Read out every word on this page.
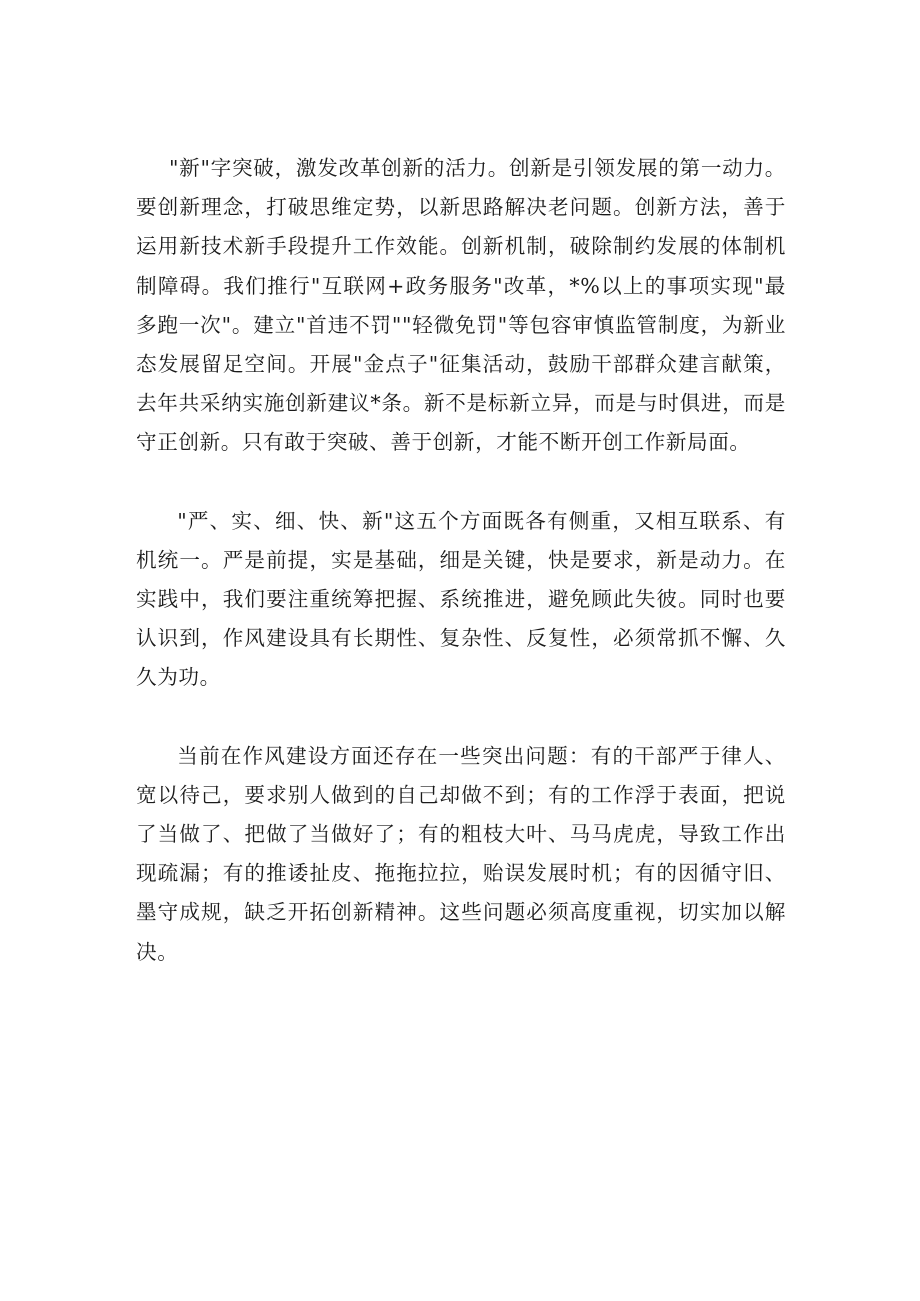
"新"字突破，激发改革创新的活力。创新是引领发展的第一动力。要创新理念，打破思维定势，以新思路解决老问题。创新方法，善于运用新技术新手段提升工作效能。创新机制，破除制约发展的体制机制障碍。我们推行"互联网+政务服务"改革，*%以上的事项实现"最多跑一次"。建立"首违不罚""轻微免罚"等包容审慎监管制度，为新业态发展留足空间。开展"金点子"征集活动，鼓励干部群众建言献策，去年共采纳实施创新建议*条。新不是标新立异，而是与时俱进，而是守正创新。只有敢于突破、善于创新，才能不断开创工作新局面。

"严、实、细、快、新"这五个方面既各有侧重，又相互联系、有机统一。严是前提，实是基础，细是关键，快是要求，新是动力。在实践中，我们要注重统筹把握、系统推进，避免顾此失彼。同时也要认识到，作风建设具有长期性、复杂性、反复性，必须常抓不懈、久久为功。

当前在作风建设方面还存在一些突出问题：有的干部严于律人、宽以待己，要求别人做到的自己却做不到；有的工作浮于表面，把说了当做了、把做了当做好了；有的粗枝大叶、马马虎虎，导致工作出现疏漏；有的推诿扯皮、拖拖拉拉，贻误发展时机；有的因循守旧、墨守成规，缺乏开拓创新精神。这些问题必须高度重视，切实加以解决。
